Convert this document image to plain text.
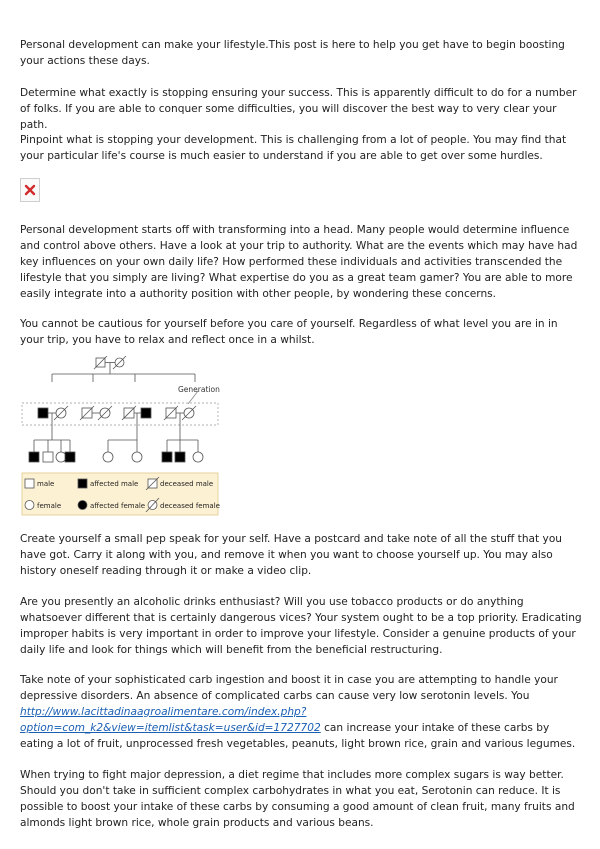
Personal development can make your lifestyle.This post is here to help you get have to begin boosting your actions these days.

Determine what exactly is stopping ensuring your success. This is apparently difficult to do for a number of folks. If you are able to conquer some difficulties, you will discover the best way to very clear your path.

Pinpoint what is stopping your development. This is challenging from a lot of people. You may find that your particular life's course is much easier to understand if you are able to get over some hurdles.

Personal development starts off with transforming into a head. Many people would determine influence and control above others. Have a look at your trip to authority. What are the events which may have had key influences on your own daily life? How performed these individuals and activities transcended the lifestyle that you simply are living? What expertise do you as a great team gamer? You are able to more easily integrate into a authority position with other people, by wondering these concerns.

You cannot be cautious for yourself before you care of yourself. Regardless of what level you are in in your trip, you have to relax and reflect once in a whilst.

Generation
male	affected male	deceased male
female	affected female deceased female

Create yourself a small pep speak for your self. Have a postcard and take note of all the stuff that you have got. Carry it along with you, and remove it when you want to choose yourself up. You may also history oneself reading through it or make a video clip.

Are you presently an alcoholic drinks enthusiast? Will you use tobacco products or do anything whatsoever different that is certainly dangerous vices? Your system ought to be a top priority. Eradicating improper habits is very important in order to improve your lifestyle. Consider a genuine products of your daily life and look for things which will benefit from the beneficial restructuring.

Take note of your sophisticated carb ingestion and boost it in case you are attempting to handle your depressive disorders. An absence of complicated carbs can cause very low serotonin levels. You http://www.lacittadinaagroalimentare.com/index.php?option=com_k2&view=itemlist&task=user&id=1727702 can increase your intake of these carbs by eating a lot of fruit, unprocessed fresh vegetables, peanuts, light brown rice, grain and various legumes.

When trying to fight major depression, a diet regime that includes more complex sugars is way better. Should you don't take in sufficient complex carbohydrates in what you eat, Serotonin can reduce. It is possible to boost your intake of these carbs by consuming a good amount of clean fruit, many fruits and almonds light brown rice, whole grain products and various beans.
